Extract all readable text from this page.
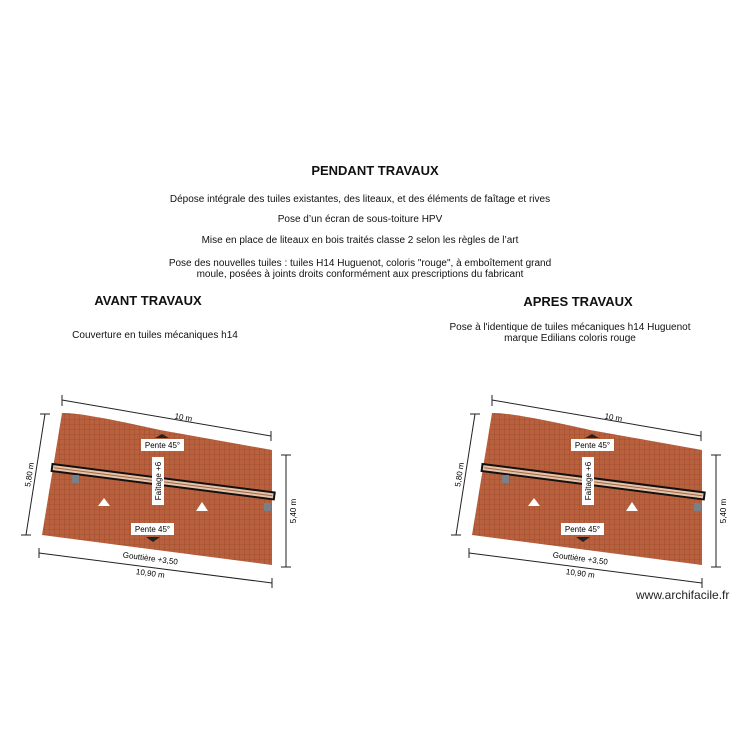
PENDANT TRAVAUX
Dépose intégrale des tuiles existantes, des liteaux, et des éléments de faîtage et rives
Pose d’un écran de sous-toiture HPV
Mise en place de liteaux en bois traités classe 2 selon les règles de l’art
Pose des nouvelles tuiles : tuiles H14 Huguenot, coloris "rouge", à emboîtement grand
moule, posées à joints droits conformément aux prescriptions du fabricant
AVANT TRAVAUX
Couverture en tuiles mécaniques h14
APRES TRAVAUX
Pose à l'identique de tuiles mécaniques h14 Huguenot
marque Edilians coloris rouge
10 m
5,80 m
5,40 m
10,90 m
Gouttière +3,50
Pente 45°
Pente 45°
Faîtage +6
10 m
5,80 m
5,40 m
10,90 m
Gouttière +3,50
Pente 45°
Pente 45°
Faîtage +6
www.archifacile.fr
